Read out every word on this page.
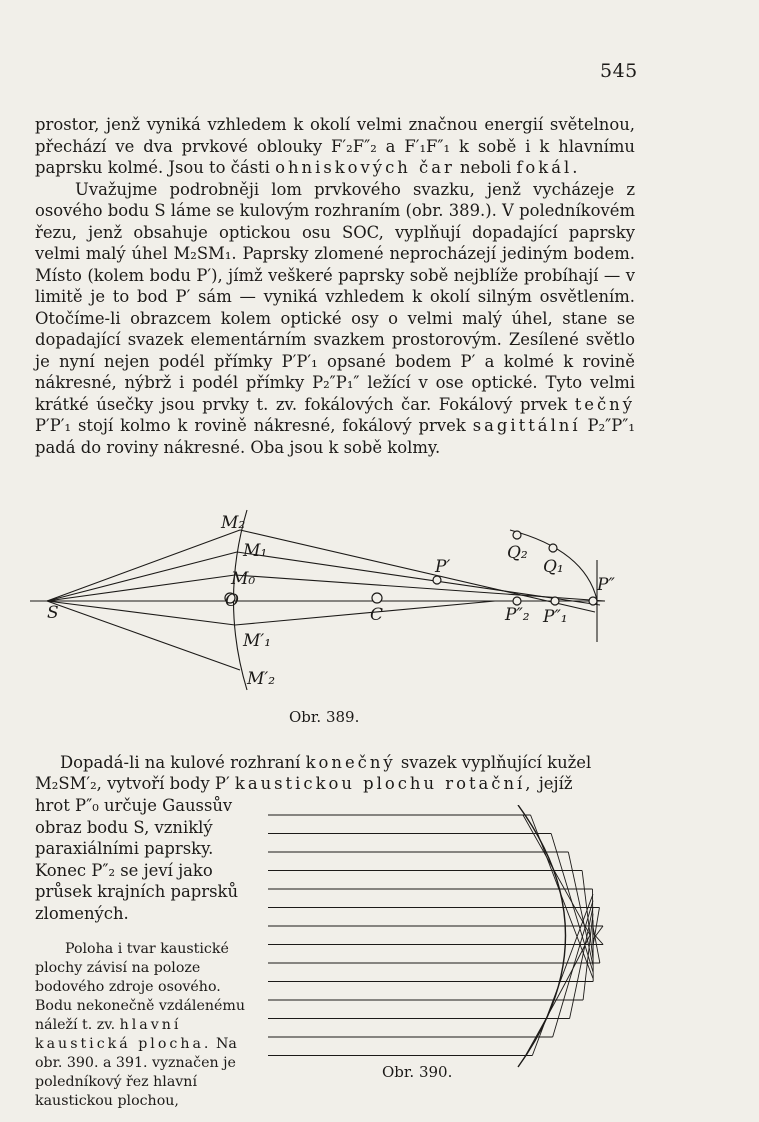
545

prostor, jenž vyniká vzhledem k okolí velmi značnou energií světelnou, přechází ve dva prvkové oblouky F′₂F″₂ a F′₁F″₁ k sobě i k hlavnímu paprsku kolmé. Jsou to části ohniskových čar neboli fokál.

Uvažujme podrobněji lom prvkového svazku, jenž vycházeje z osového bodu S láme se kulovým rozhraním (obr. 389.). V poledníkovém řezu, jenž obsahuje optickou osu SOC, vyplňují dopadající paprsky velmi malý úhel M₂SM₁. Paprsky zlomené neprocházejí jediným bodem. Místo (kolem bodu P′), jímž veškeré paprsky sobě nejblíže probíhají — v limitě je to bod P′ sám — vyniká vzhledem k okolí silným osvětlením. Otočíme-li obrazcem kolem optické osy o velmi malý úhel, stane se dopadající svazek elementárním svazkem prostorovým. Zesílené světlo je nyní nejen podél přímky P′P′₁ opsané bodem P′ a kolmé k rovině nákresné, nýbrž i podél přímky P₂″P₁″ ležící v ose optické. Tyto velmi krátké úsečky jsou prvky t. zv. fokálových čar. Fokálový prvek tečný P′P′₁ stojí kolmo k rovině nákresné, fokálový prvek sagittální P₂″P″₁ padá do roviny nákresné. Oba jsou k sobě kolmy.

S
O
C
M₂
M₁
M₀
M′₁
M′₂
P′
Q₂
Q₁
P″
P″₂ P″₁
Obr. 389.
Dopadá-li na kulové rozhraní konečný svazek vyplňující kužel
M₂SM′₂, vytvoří body P′ kaustickou plochu rotační, jejíž
hrot P″₀ určuje Gaussův obraz bodu S, vzniklý paraxiálními paprsky. Konec P″₂ se jeví jako průsek krajních paprsků zlomených.
Poloha i tvar kaustické plochy závisí na poloze bodového zdroje osového. Bodu nekonečně vzdálenému náleží t. zv. hlavní kaustická plocha. Na obr. 390. a 391. vyznačen je poledníkový řez hlavní kaustickou plochou,
Obr. 390.
